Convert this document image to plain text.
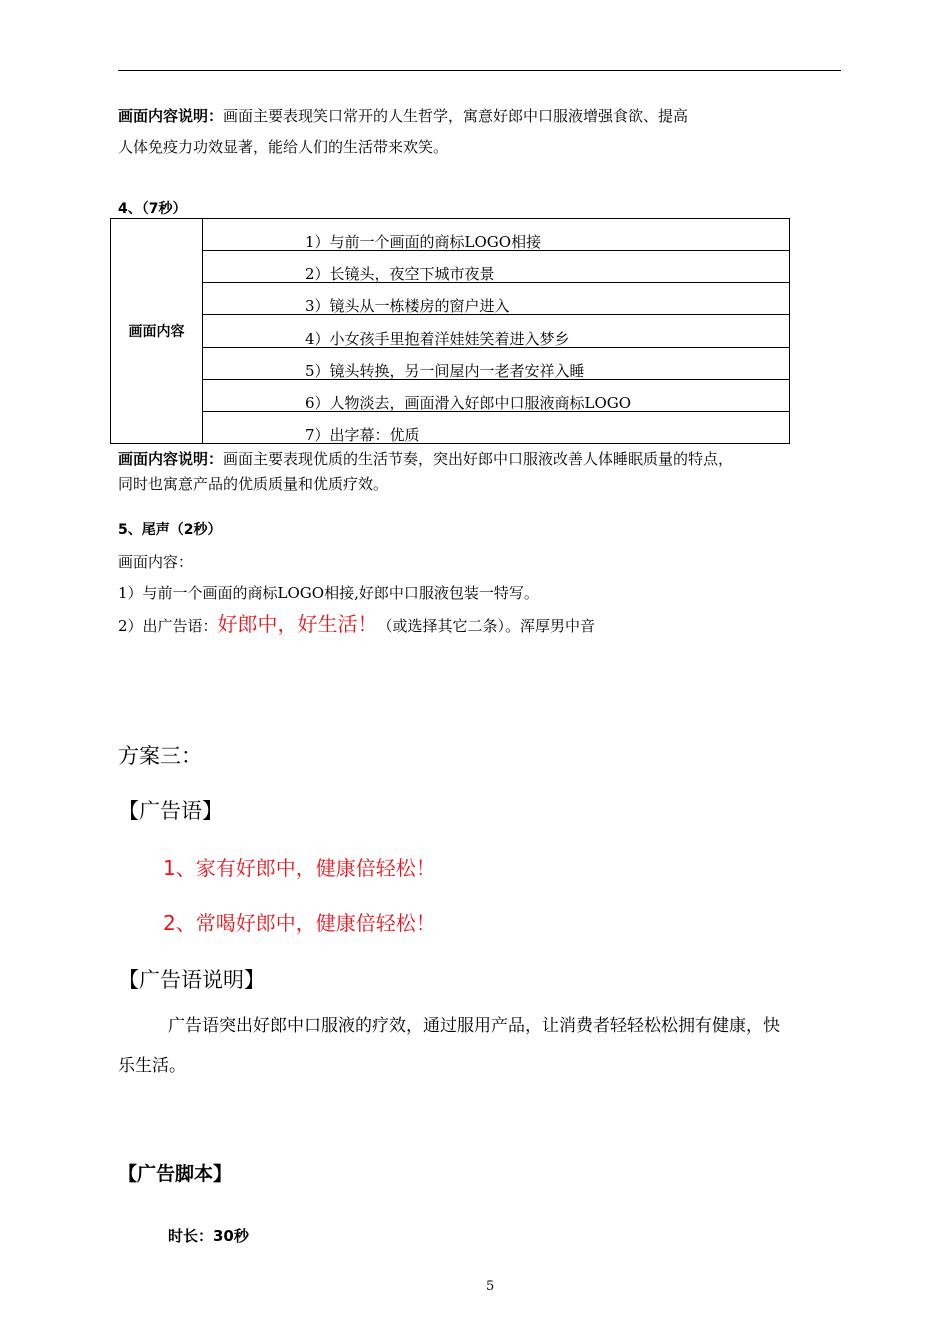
画面内容说明：画面主要表现笑口常开的人生哲学，寓意好郎中口服液增强食欲、提高
人体免疫力功效显著，能给人们的生活带来欢笑。
4、（7秒）
画面内容	1）与前一个画面的商标LOGO相接
2）长镜头，夜空下城市夜景
3）镜头从一栋楼房的窗户进入
4）小女孩手里抱着洋娃娃笑着进入梦乡
5）镜头转换，另一间屋内一老者安祥入睡
6）人物淡去，画面滑入好郎中口服液商标LOGO
7）出字幕：优质
画面内容说明：画面主要表现优质的生活节奏，突出好郎中口服液改善人体睡眠质量的特点，
同时也寓意产品的优质质量和优质疗效。
5、尾声（2秒）
画面内容：
1）与前一个画面的商标LOGO相接,好郎中口服液包装一特写。
2）出广告语：好郎中，好生活！（或选择其它二条）。浑厚男中音
方案三：
【广告语】
1、家有好郎中，健康倍轻松！
2、常喝好郎中，健康倍轻松！
【广告语说明】
广告语突出好郎中口服液的疗效，通过服用产品，让消费者轻轻松松拥有健康，快
乐生活。
【广告脚本】
时长：30秒
5
